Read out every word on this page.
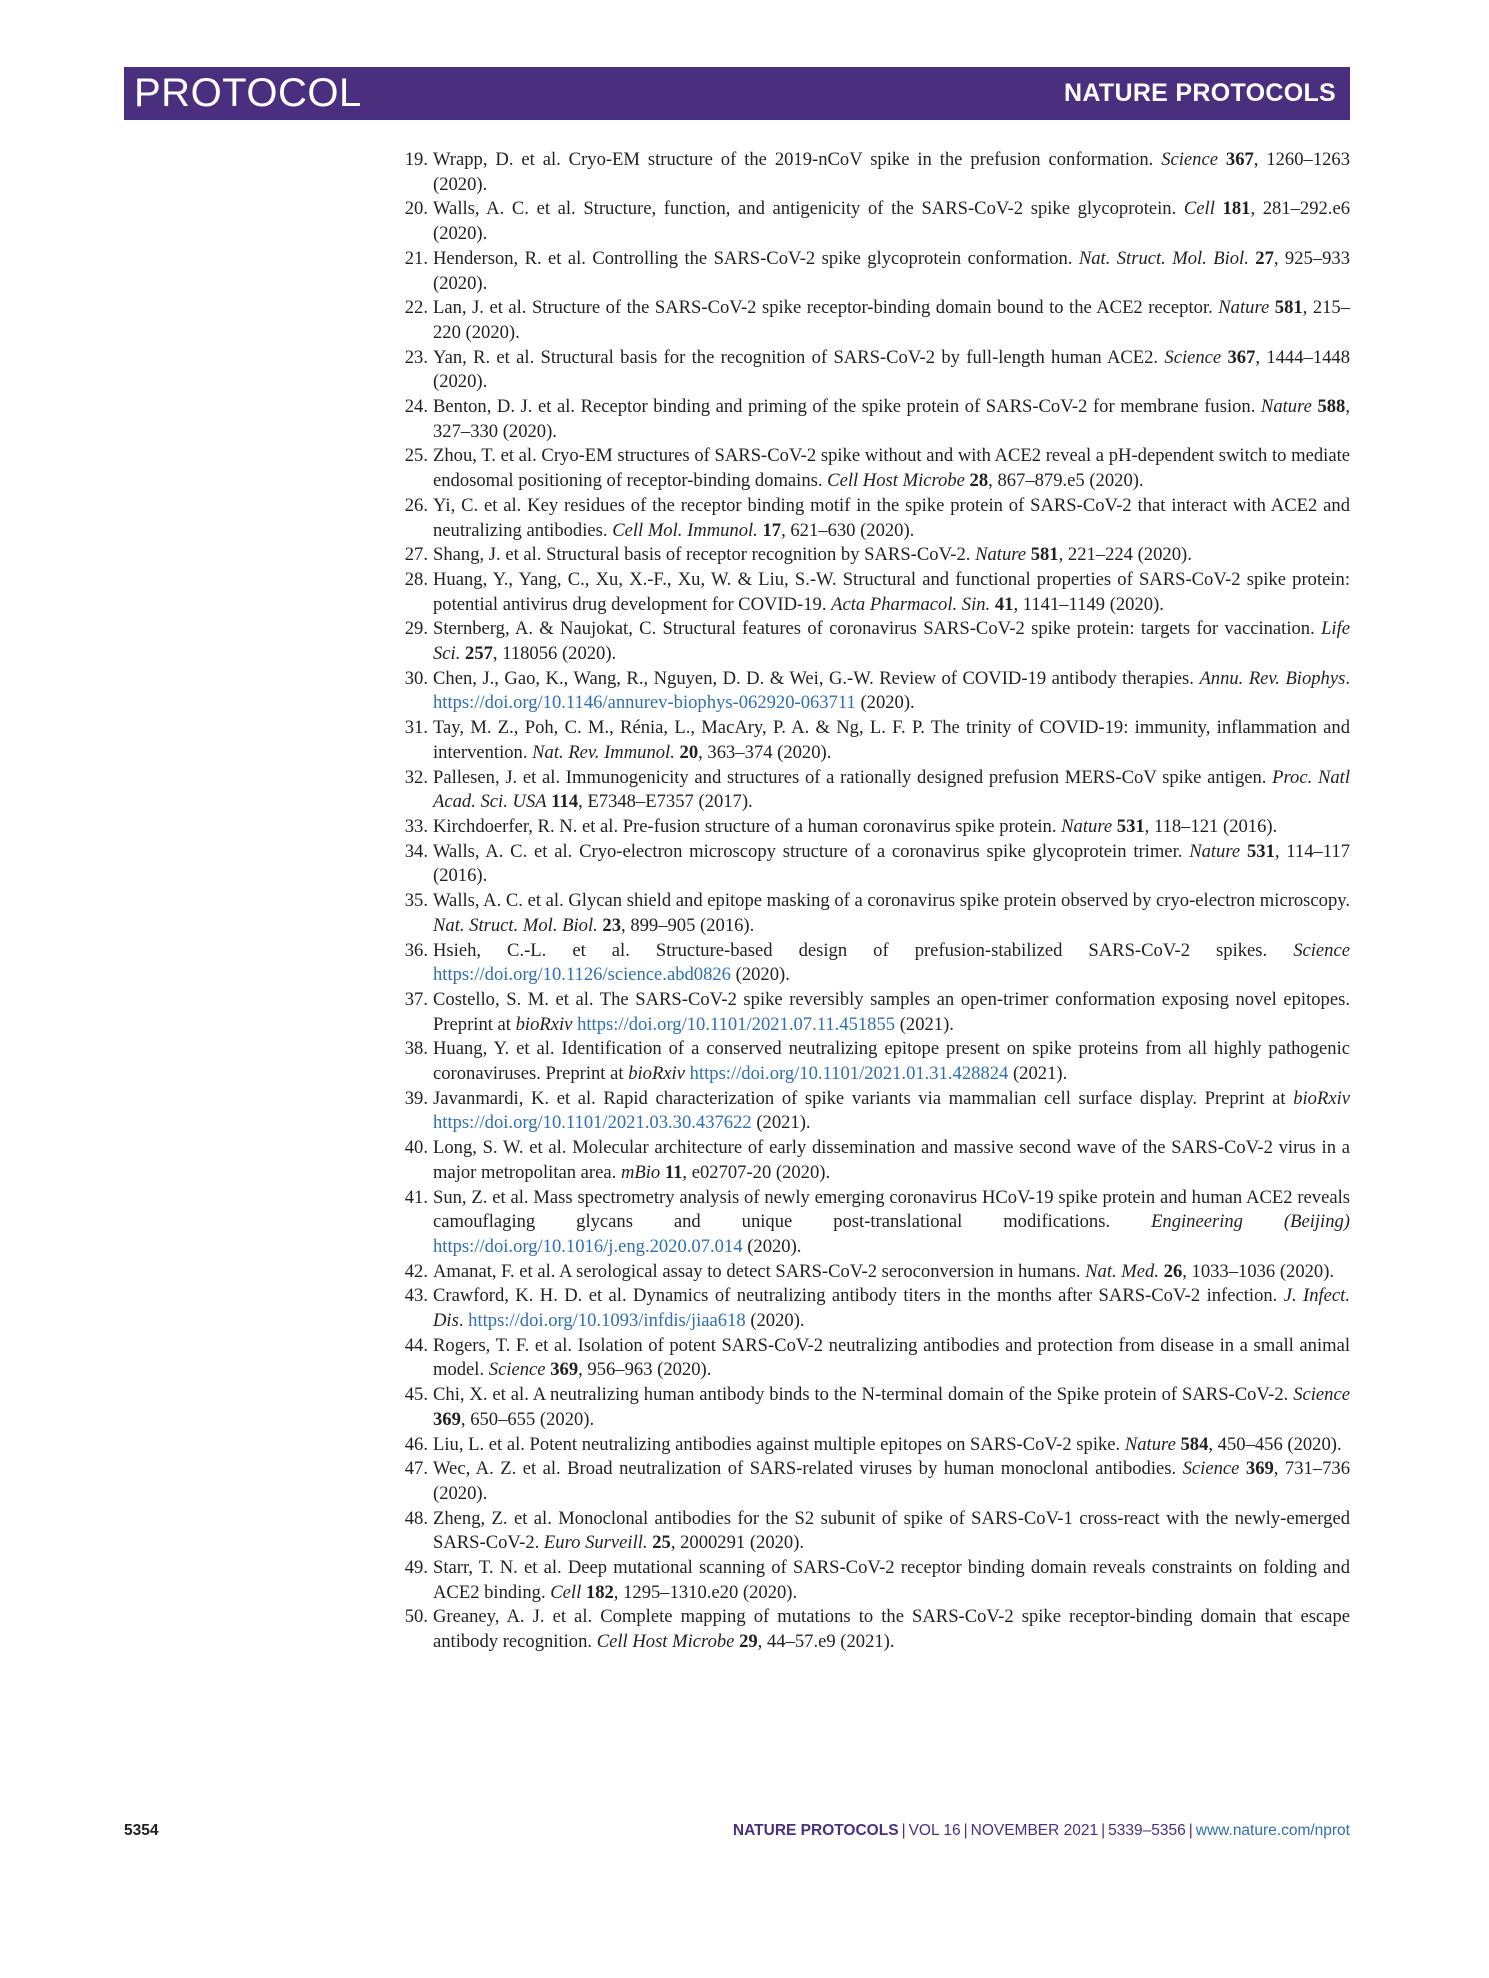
PROTOCOL	NATURE PROTOCOLS
19 . Wrapp, D. et al. Cryo-EM structure of the 2019-nCoV spike in the prefusion conformation. Science 367, 1260–1263 (2020).
20 . Walls, A. C. et al. Structure, function, and antigenicity of the SARS-CoV-2 spike glycoprotein. Cell 181, 281–292.e6 (2020).
21 . Henderson, R. et al. Controlling the SARS-CoV-2 spike glycoprotein conformation. Nat. Struct. Mol. Biol. 27, 925–933 (2020).
22 . Lan, J. et al. Structure of the SARS-CoV-2 spike receptor-binding domain bound to the ACE2 receptor. Nature 581, 215–220 (2020).
23 . Yan, R. et al. Structural basis for the recognition of SARS-CoV-2 by full-length human ACE2. Science 367, 1444–1448 (2020).
24 . Benton, D. J. et al. Receptor binding and priming of the spike protein of SARS-CoV-2 for membrane fusion. Nature 588, 327–330 (2020).
25 . Zhou, T. et al. Cryo-EM structures of SARS-CoV-2 spike without and with ACE2 reveal a pH-dependent switch to mediate endosomal positioning of receptor-binding domains. Cell Host Microbe 28, 867–879.e5 (2020).
26 . Yi, C. et al. Key residues of the receptor binding motif in the spike protein of SARS-CoV-2 that interact with ACE2 and neutralizing antibodies. Cell Mol. Immunol. 17, 621–630 (2020).
27 . Shang, J. et al. Structural basis of receptor recognition by SARS-CoV-2. Nature 581, 221–224 (2020).
28 . Huang, Y., Yang, C., Xu, X.-F., Xu, W. & Liu, S.-W. Structural and functional properties of SARS-CoV-2 spike protein: potential antivirus drug development for COVID-19. Acta Pharmacol. Sin. 41, 1141–1149 (2020).
29 . Sternberg, A. & Naujokat, C. Structural features of coronavirus SARS-CoV-2 spike protein: targets for vaccination. Life Sci. 257, 118056 (2020).
30 . Chen, J., Gao, K., Wang, R., Nguyen, D. D. & Wei, G.-W. Review of COVID-19 antibody therapies. Annu. Rev. Biophys. https://doi.org/10.1146/annurev-biophys-062920-063711 (2020).
31 . Tay, M. Z., Poh, C. M., Rénia, L., MacAry, P. A. & Ng, L. F. P. The trinity of COVID-19: immunity, inflammation and intervention. Nat. Rev. Immunol. 20, 363–374 (2020).
32 . Pallesen, J. et al. Immunogenicity and structures of a rationally designed prefusion MERS-CoV spike antigen. Proc. Natl Acad. Sci. USA 114, E7348–E7357 (2017).
33 . Kirchdoerfer, R. N. et al. Pre-fusion structure of a human coronavirus spike protein. Nature 531, 118–121 (2016).
34 . Walls, A. C. et al. Cryo-electron microscopy structure of a coronavirus spike glycoprotein trimer. Nature 531, 114–117 (2016).
35 . Walls, A. C. et al. Glycan shield and epitope masking of a coronavirus spike protein observed by cryo-electron microscopy. Nat. Struct. Mol. Biol. 23, 899–905 (2016).
36 . Hsieh, C.-L. et al. Structure-based design of prefusion-stabilized SARS-CoV-2 spikes. Science https://doi.org/10.1126/science.abd0826 (2020).
37 . Costello, S. M. et al. The SARS-CoV-2 spike reversibly samples an open-trimer conformation exposing novel epitopes. Preprint at bioRxiv https://doi.org/10.1101/2021.07.11.451855 (2021).
38 . Huang, Y. et al. Identification of a conserved neutralizing epitope present on spike proteins from all highly pathogenic coronaviruses. Preprint at bioRxiv https://doi.org/10.1101/2021.01.31.428824 (2021).
39 . Javanmardi, K. et al. Rapid characterization of spike variants via mammalian cell surface display. Preprint at bioRxiv https://doi.org/10.1101/2021.03.30.437622 (2021).
40 . Long, S. W. et al. Molecular architecture of early dissemination and massive second wave of the SARS-CoV-2 virus in a major metropolitan area. mBio 11, e02707-20 (2020).
41 . Sun, Z. et al. Mass spectrometry analysis of newly emerging coronavirus HCoV-19 spike protein and human ACE2 reveals camouflaging glycans and unique post-translational modifications. Engineering (Beijing) https://doi.org/10.1016/j.eng.2020.07.014 (2020).
42 . Amanat, F. et al. A serological assay to detect SARS-CoV-2 seroconversion in humans. Nat. Med. 26, 1033–1036 (2020).
43 . Crawford, K. H. D. et al. Dynamics of neutralizing antibody titers in the months after SARS-CoV-2 infection. J. Infect. Dis. https://doi.org/10.1093/infdis/jiaa618 (2020).
44 . Rogers, T. F. et al. Isolation of potent SARS-CoV-2 neutralizing antibodies and protection from disease in a small animal model. Science 369, 956–963 (2020).
45 . Chi, X. et al. A neutralizing human antibody binds to the N-terminal domain of the Spike protein of SARS-CoV-2. Science 369, 650–655 (2020).
46 . Liu, L. et al. Potent neutralizing antibodies against multiple epitopes on SARS-CoV-2 spike. Nature 584, 450–456 (2020).
47 . Wec, A. Z. et al. Broad neutralization of SARS-related viruses by human monoclonal antibodies. Science 369, 731–736 (2020).
48 . Zheng, Z. et al. Monoclonal antibodies for the S2 subunit of spike of SARS-CoV-1 cross-react with the newly-emerged SARS-CoV-2. Euro Surveill. 25, 2000291 (2020).
49 . Starr, T. N. et al. Deep mutational scanning of SARS-CoV-2 receptor binding domain reveals constraints on folding and ACE2 binding. Cell 182, 1295–1310.e20 (2020).
50 . Greaney, A. J. et al. Complete mapping of mutations to the SARS-CoV-2 spike receptor-binding domain that escape antibody recognition. Cell Host Microbe 29, 44–57.e9 (2021).
5354	NATURE PROTOCOLS | VOL 16 | NOVEMBER 2021 | 5339–5356 | www.nature.com/nprot
